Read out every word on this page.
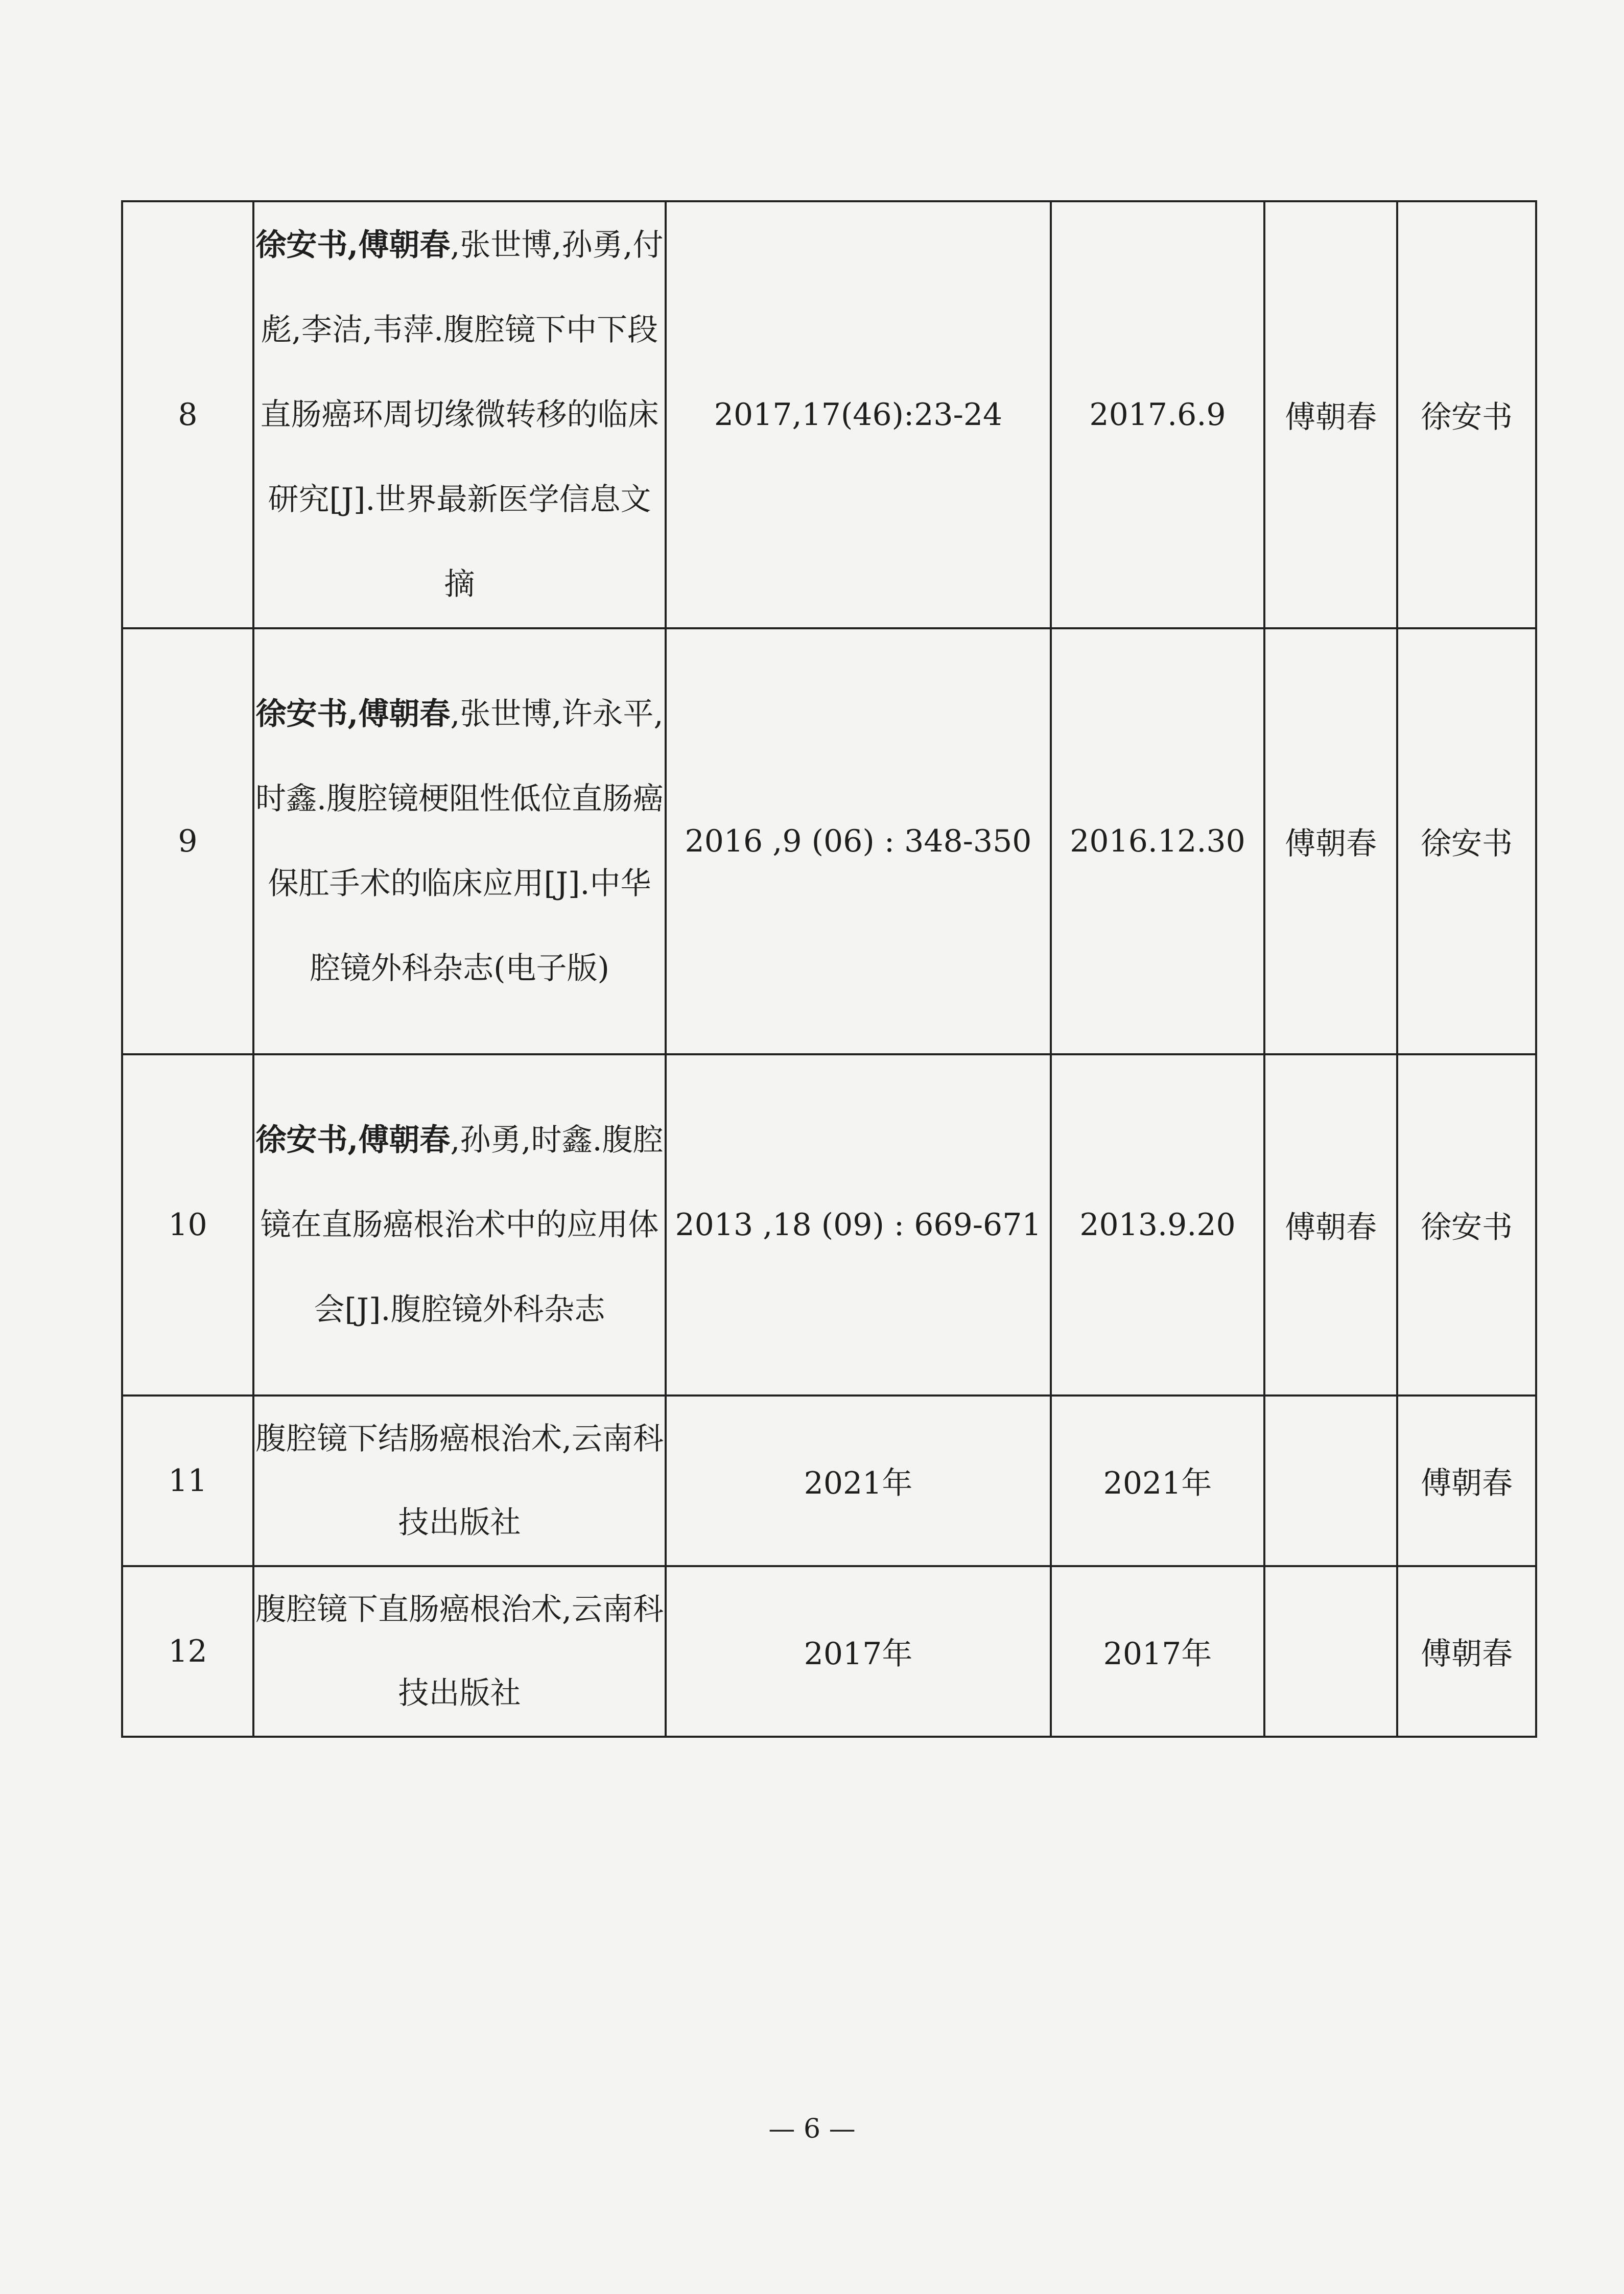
8	徐安书,傅朝春,张世博,孙勇,付彪,李洁,韦萍.腹腔镜下中下段直肠癌环周切缘微转移的临床研究[J].世界最新医学信息文摘	2017,17(46):23-24	2017.6.9	傅朝春	徐安书
9	徐安书,傅朝春,张世博,许永平,时鑫.腹腔镜梗阻性低位直肠癌保肛手术的临床应用[J].中华腔镜外科杂志(电子版)	2016 ,9 (06) : 348-350	2016.12.30	傅朝春	徐安书
10	徐安书,傅朝春,孙勇,时鑫.腹腔镜在直肠癌根治术中的应用体会[J].腹腔镜外科杂志	2013 ,18 (09) : 669-671	2013.9.20	傅朝春	徐安书
11	腹腔镜下结肠癌根治术,云南科技出版社	2021年	2021年		傅朝春
12	腹腔镜下直肠癌根治术,云南科技出版社	2017年	2017年		傅朝春
— 6 —
